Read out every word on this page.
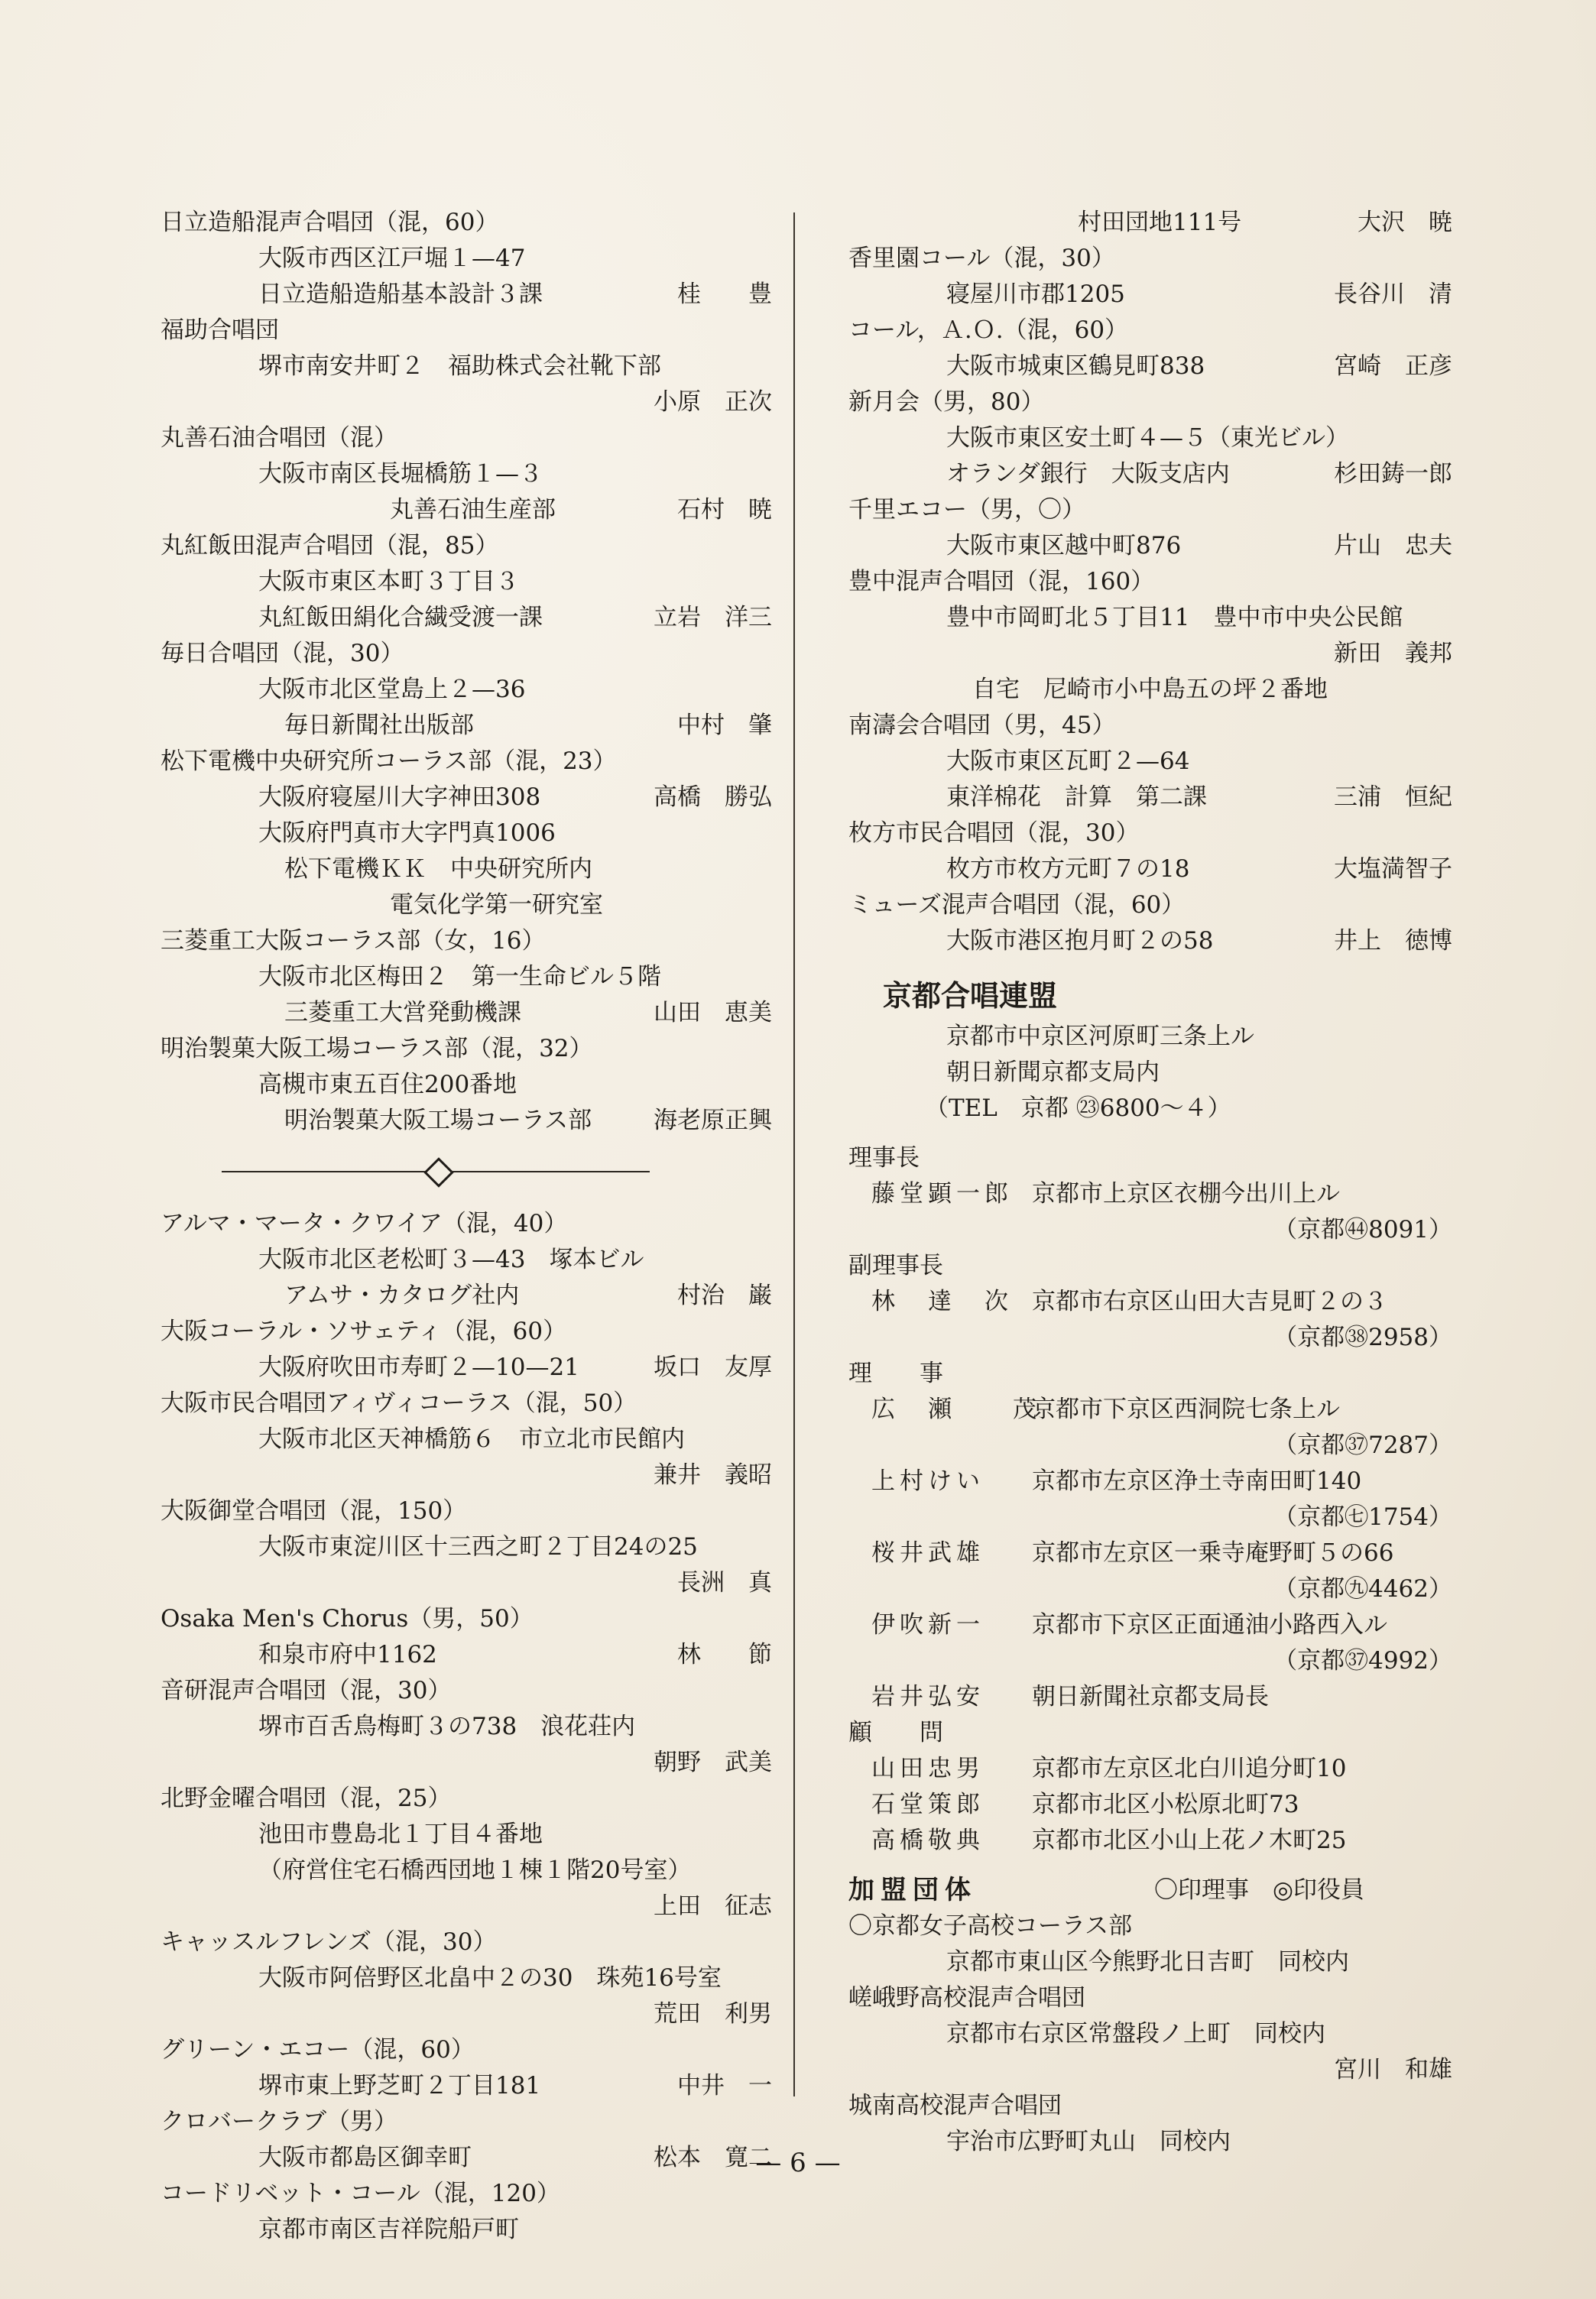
日立造船混声合唱団（混，60）
大阪市西区江戸堀１—47
日立造船造船基本設計３課	桂　　豊
福助合唱団
堺市南安井町２　福助株式会社靴下部
小原　正次
丸善石油合唱団（混）
大阪市南区長堀橋筋１—３
丸善石油生産部	石村　暁
丸紅飯田混声合唱団（混，85）
大阪市東区本町３丁目３
丸紅飯田絹化合繊受渡一課	立岩　洋三
毎日合唱団（混，30）
大阪市北区堂島上２—36
毎日新聞社出版部	中村　肇
松下電機中央研究所コーラス部（混，23）
大阪府寝屋川大字神田308	高橋　勝弘
大阪府門真市大字門真1006
松下電機ＫＫ　中央研究所内
電気化学第一研究室
三菱重工大阪コーラス部（女，16）
大阪市北区梅田２　第一生命ビル５階
三菱重工大営発動機課	山田　恵美
明治製菓大阪工場コーラス部（混，32）
高槻市東五百住200番地
明治製菓大阪工場コーラス部	海老原正興
アルマ・マータ・クワイア（混，40）
大阪市北区老松町３—43　塚本ビル
アムサ・カタログ社内	村治　巌
大阪コーラル・ソサェティ（混，60）
大阪府吹田市寿町２—10—21	坂口　友厚
大阪市民合唱団アィヴィコーラス（混，50）
大阪市北区天神橋筋６　市立北市民館内
兼井　義昭
大阪御堂合唱団（混，150）
大阪市東淀川区十三西之町２丁目24の25
長洲　真
Osaka Men's Chorus（男，50）
和泉市府中1162	林　　節
音研混声合唱団（混，30）
堺市百舌鳥梅町３の738　浪花荘内
朝野　武美
北野金曜合唱団（混，25）
池田市豊島北１丁目４番地
（府営住宅石橋西団地１棟１階20号室）
上田　征志
キャッスルフレンズ（混，30）
大阪市阿倍野区北畠中２の30　珠苑16号室
荒田　利男
グリーン・エコー（混，60）
堺市東上野芝町２丁目181	中井　一
クロバークラブ（男）
大阪市都島区御幸町	松本　寛二
コードリベット・コール（混，120）
京都市南区吉祥院船戸町
村田団地111号	大沢　暁
香里園コール（混，30）
寝屋川市郡1205	長谷川　清
コール，Ａ.Ｏ.（混，60）
大阪市城東区鶴見町838	宮崎　正彦
新月会（男，80）
大阪市東区安土町４—５（東光ビル）
オランダ銀行　大阪支店内	杉田鋳一郎
千里エコー（男，〇）
大阪市東区越中町876	片山　忠夫
豊中混声合唱団（混，160）
豊中市岡町北５丁目11　豊中市中央公民館
新田　義邦
自宅　尼崎市小中島五の坪２番地
南濤会合唱団（男，45）
大阪市東区瓦町２—64
東洋棉花　計算　第二課	三浦　恒紀
枚方市民合唱団（混，30）
枚方市枚方元町７の18	大塩満智子
ミューズ混声合唱団（混，60）
大阪市港区抱月町２の58	井上　徳博
京都合唱連盟
京都市中京区河原町三条上ル
朝日新聞京都支局内
（TEL　京都 ㉓6800～４）
理事長
藤堂顕一郎 京都市上京区衣棚今出川上ル
（京都㊹8091）
副理事長
林　達　次 京都市右京区山田大吉見町２の３
（京都㊳2958）
理　　事
広　瀬　　茂京都市下京区西洞院七条上ル
（京都㊲7287）
上村けい 京都市左京区浄土寺南田町140
（京都㊆1754）
桜井武雄 京都市左京区一乗寺庵野町５の66
（京都㊈4462）
伊吹新一 京都市下京区正面通油小路西入ル
（京都㊲4992）
岩井弘安 朝日新聞社京都支局長
顧　　問
山田忠男 京都市左京区北白川追分町10
石堂策郎 京都市北区小松原北町73
高橋敬典 京都市北区小山上花ノ木町25
加盟団体	〇印理事　◎印役員
〇京都女子高校コーラス部
京都市東山区今熊野北日吉町　同校内
嵯峨野高校混声合唱団
京都市右京区常盤段ノ上町　同校内
宮川　和雄
城南高校混声合唱団
宇治市広野町丸山　同校内
— 6 —
